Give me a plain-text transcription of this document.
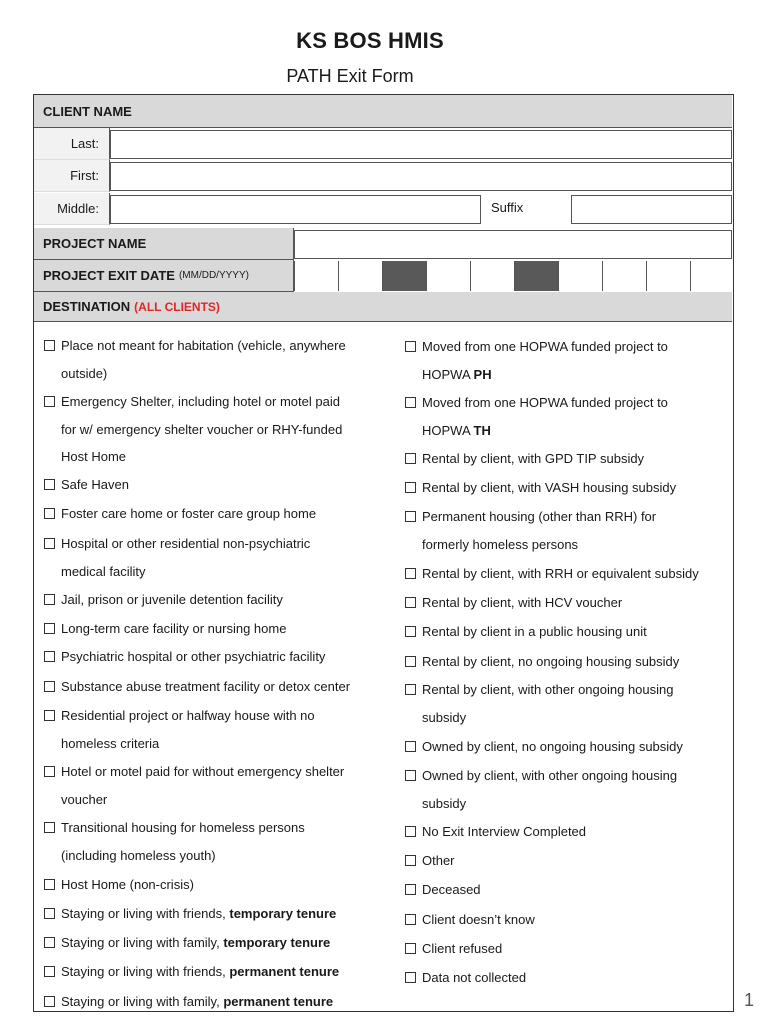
KS BOS HMIS
PATH Exit Form
CLIENT NAME
Last:
First:
Middle:	Suffix
PROJECT NAME
PROJECT EXIT DATE (MM/DD/YYYY)
DESTINATION (ALL CLIENTS)
Place not meant for habitation (vehicle, anywhere
outside)
Emergency Shelter, including hotel or motel paid
for w/ emergency shelter voucher or RHY-funded
Host Home
Safe Haven
Foster care home or foster care group home
Hospital or other residential non-psychiatric
medical facility
Jail, prison or juvenile detention facility
Long-term care facility or nursing home
Psychiatric hospital or other psychiatric facility
Substance abuse treatment facility or detox center
Residential project or halfway house with no
homeless criteria
Hotel or motel paid for without emergency shelter
voucher
Transitional housing for homeless persons
(including homeless youth)
Host Home (non-crisis)
Staying or living with friends, temporary tenure
Staying or living with family, temporary tenure
Staying or living with friends, permanent tenure
Staying or living with family, permanent tenure
Moved from one HOPWA funded project to
HOPWA PH
Moved from one HOPWA funded project to
HOPWA TH
Rental by client, with GPD TIP subsidy
Rental by client, with VASH housing subsidy
Permanent housing (other than RRH) for
formerly homeless persons
Rental by client, with RRH or equivalent subsidy
Rental by client, with HCV voucher
Rental by client in a public housing unit
Rental by client, no ongoing housing subsidy
Rental by client, with other ongoing housing
subsidy
Owned by client, no ongoing housing subsidy
Owned by client, with other ongoing housing
subsidy
No Exit Interview Completed
Other
Deceased
Client doesn’t know
Client refused
Data not collected
1
